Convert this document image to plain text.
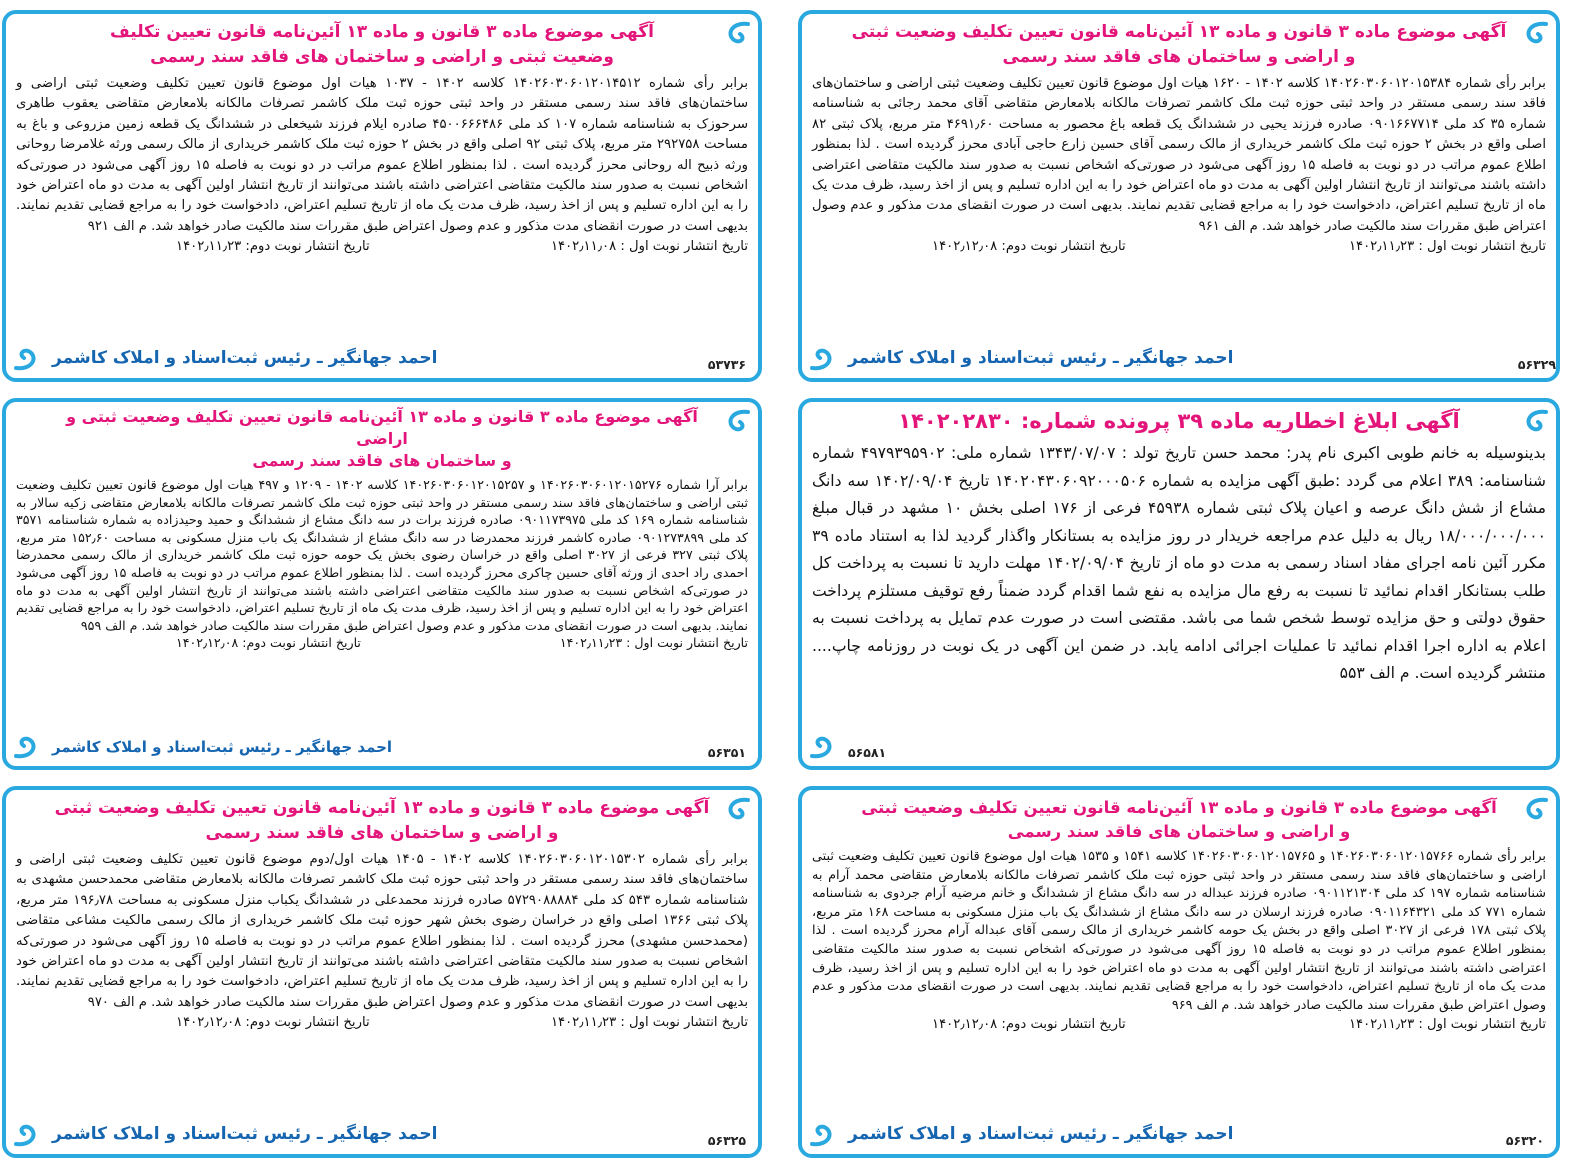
آگهی موضوع ماده ۳ قانون و ماده ۱۳ آئین‌نامه قانون تعیین تکلیف وضعیت ثبتی
و اراضی و ساختمان های فاقد سند رسمی
برابر رأی شماره ۱۴۰۲۶۰۳۰۶۰۱۲۰۱۵۳۸۴ کلاسه ۱۴۰۲ - ۱۶۲۰ هیات اول موضوع قانون تعیین تکلیف وضعیت ثبتی اراضی و ساختمان‌های فاقد سند رسمی مستقر در واحد ثبتی حوزه ثبت ملک کاشمر تصرفات مالکانه بلامعارض متقاضی آقای محمد رجائی به شناسنامه شماره ۳۵ کد ملی ۰۹۰۱۶۶۷۷۱۴ صادره فرزند یحیی در ششدانگ یک قطعه باغ محصور به مساحت ۴۶۹۱٫۶۰ متر مربع، پلاک ثبتی ۸۲ اصلی واقع در بخش ۲ حوزه ثبت ملک کاشمر خریداری از مالک رسمی آقای حسین زارع حاجی آبادی محرز گردیده است . لذا بمنظور اطلاع عموم مراتب در دو نوبت به فاصله ۱۵ روز آگهی می‌شود در صورتی‌که اشخاص نسبت به صدور سند مالکیت متقاضی اعتراضی داشته باشند می‌توانند از تاریخ انتشار اولین آگهی به مدت دو ماه اعتراض خود را به این اداره تسلیم و پس از اخذ رسید، ظرف مدت یک ماه از تاریخ تسلیم اعتراض، دادخواست خود را به مراجع قضایی تقدیم نمایند. بدیهی است در صورت انقضای مدت مذکور و عدم وصول اعتراض طبق مقررات سند مالکیت صادر خواهد شد. م الف ۹۶۱
تاریخ انتشار نوبت اول : ۱۴۰۲٫۱۱٫۲۳
تاریخ انتشار نوبت دوم: ۱۴۰۲٫۱۲٫۰۸
احمد جهانگیر ـ رئیس ثبت‌اسناد و املاک کاشمر	۵۶۳۲۹
آگهی موضوع ماده ۳ قانون و ماده ۱۳ آئین‌نامه قانون تعیین تکلیف
وضعیت ثبتی و اراضی و ساختمان های فاقد سند رسمی
برابر رأی شماره ۱۴۰۲۶۰۳۰۶۰۱۲۰۱۴۵۱۲ کلاسه ۱۴۰۲ - ۱۰۳۷ هیات اول موضوع قانون تعیین تکلیف وضعیت ثبتی اراضی و ساختمان‌های فاقد سند رسمی مستقر در واحد ثبتی حوزه ثبت ملک کاشمر تصرفات مالکانه بلامعارض متقاضی یعقوب طاهری سرحوزک به شناسنامه شماره ۱۰۷ کد ملی ۴۵۰۰۶۶۶۴۸۶ صادره ایلام فرزند شیخعلی در ششدانگ یک قطعه زمین مزروعی و باغ به مساحت ۲۹۲۷۵۸ متر مربع، پلاک ثبتی ۹۲ اصلی واقع در بخش ۲ حوزه ثبت ملک کاشمر خریداری از مالک رسمی ورثه غلامرضا روحانی ورثه ذبیح اله روحانی محرز گردیده است . لذا بمنظور اطلاع عموم مراتب در دو نوبت به فاصله ۱۵ روز آگهی می‌شود در صورتی‌که اشخاص نسبت به صدور سند مالکیت متقاضی اعتراضی داشته باشند می‌توانند از تاریخ انتشار اولین آگهی به مدت دو ماه اعتراض خود را به این اداره تسلیم و پس از اخذ رسید، ظرف مدت یک ماه از تاریخ تسلیم اعتراض، دادخواست خود را به مراجع قضایی تقدیم نمایند. بدیهی است در صورت انقضای مدت مذکور و عدم وصول اعتراض طبق مقررات سند مالکیت صادر خواهد شد. م الف ۹۲۱
تاریخ انتشار نوبت اول : ۱۴۰۲٫۱۱٫۰۸
تاریخ انتشار نوبت دوم: ۱۴۰۲٫۱۱٫۲۳
احمد جهانگیر ـ رئیس ثبت‌اسناد و املاک کاشمر	۵۳۷۳۶
آگهی ابلاغ اخطاریه ماده ۳۹ پرونده شماره: ۱۴۰۲۰۲۸۳۰
بدینوسیله به خانم طوبی اکبری نام پدر: محمد حسن تاریخ تولد : ۱۳۴۳/۰۷/۰۷ شماره ملی: ۴۹۷۹۳۹۵۹۰۲ شماره شناسنامه: ۳۸۹ اعلام می گردد :طبق آگهی مزایده به شماره ۱۴۰۲۰۴۳۰۶۰۹۲۰۰۰۵۰۶ تاریخ ۱۴۰۲/۰۹/۰۴ سه دانگ مشاع از شش دانگ عرصه و اعیان پلاک ثبتی شماره ۴۵۹۳۸ فرعی از ۱۷۶ اصلی بخش ۱۰ مشهد در قبال مبلغ ۱۸/۰۰۰/۰۰۰/۰۰۰ ریال به دلیل عدم مراجعه خریدار در روز مزایده به بستانکار واگذار گردید لذا به استناد ماده ۳۹ مکرر آئین نامه اجرای مفاد اسناد رسمی به مدت دو ماه از تاریخ ۱۴۰۲/۰۹/۰۴ مهلت دارید تا نسبت به پرداخت کل طلب بستانکار اقدام نمائید تا نسبت به رفع مال مزایده به نفع شما اقدام گردد ضمناً رفع توقیف مستلزم پرداخت حقوق دولتی و حق مزایده توسط شخص شما می باشد. مقتضی است در صورت عدم تمایل به پرداخت نسبت به اعلام به اداره اجرا اقدام نمائید تا عملیات اجرائی ادامه یابد. در ضمن این آگهی در یک نوبت در روزنامه چاپ.... منتشر گردیده است. م الف ۵۵۳
۵۶۵۸۱
آگهی موضوع ماده ۳ قانون و ماده ۱۳ آئین‌نامه قانون تعیین تکلیف وضعیت ثبتی و اراضی
و ساختمان های فاقد سند رسمی
برابر آرا شماره ۱۴۰۲۶۰۳۰۶۰۱۲۰۱۵۲۷۶ و ۱۴۰۲۶۰۳۰۶۰۱۲۰۱۵۲۵۷ کلاسه ۱۴۰۲ - ۱۲۰۹ و ۴۹۷ هیات اول موضوع قانون تعیین تکلیف وضعیت ثبتی اراضی و ساختمان‌های فاقد سند رسمی مستقر در واحد ثبتی حوزه ثبت ملک کاشمر تصرفات مالکانه بلامعارض متقاضی زکیه سالار به شناسنامه شماره ۱۶۹ کد ملی ۰۹۰۱۱۷۳۹۷۵ صادره فرزند برات در سه دانگ مشاع از ششدانگ و حمید وحیدزاده به شماره شناسنامه ۳۵۷۱ کد ملی ۰۹۰۱۲۷۳۸۹۹ صادره کاشمر فرزند محمدرضا در سه دانگ مشاع از ششدانگ یک باب منزل مسکونی به مساحت ۱۵۲٫۶۰ متر مربع، پلاک ثبتی ۳۲۷ فرعی از ۳۰۲۷ اصلی واقع در خراسان رضوی بخش یک حومه حوزه ثبت ملک کاشمر خریداری از مالک رسمی محمدرضا احمدی راد احدی از ورثه آقای حسین چاکری محرز گردیده است . لذا بمنظور اطلاع عموم مراتب در دو نوبت به فاصله ۱۵ روز آگهی می‌شود در صورتی‌که اشخاص نسبت به صدور سند مالکیت متقاضی اعتراضی داشته باشند می‌توانند از تاریخ انتشار اولین آگهی به مدت دو ماه اعتراض خود را به این اداره تسلیم و پس از اخذ رسید، ظرف مدت یک ماه از تاریخ تسلیم اعتراض، دادخواست خود را به مراجع قضایی تقدیم نمایند. بدیهی است در صورت انقضای مدت مذکور و عدم وصول اعتراض طبق مقررات سند مالکیت صادر خواهد شد. م الف ۹۵۹
تاریخ انتشار نوبت اول : ۱۴۰۲٫۱۱٫۲۳
تاریخ انتشار نوبت دوم: ۱۴۰۲٫۱۲٫۰۸
احمد جهانگیر ـ رئیس ثبت‌اسناد و املاک کاشمر	۵۶۳۵۱
آگهی موضوع ماده ۳ قانون و ماده ۱۳ آئین‌نامه قانون تعیین تکلیف وضعیت ثبتی
و اراضی و ساختمان های فاقد سند رسمی
برابر رأی شماره ۱۴۰۲۶۰۳۰۶۰۱۲۰۱۵۷۶۶ و ۱۴۰۲۶۰۳۰۶۰۱۲۰۱۵۷۶۵ کلاسه ۱۵۴۱ و ۱۵۳۵ هیات اول موضوع قانون تعیین تکلیف وضعیت ثبتی اراضی و ساختمان‌های فاقد سند رسمی مستقر در واحد ثبتی حوزه ثبت ملک کاشمر تصرفات مالکانه بلامعارض متقاضی محمد آرام به شناسنامه شماره ۱۹۷ کد ملی ۰۹۰۱۱۲۱۳۰۴ صادره فرزند عبداله در سه دانگ مشاع از ششدانگ و خانم مرضیه آرام جردوی به شناسنامه شماره ۷۷۱ کد ملی ۰۹۰۱۱۶۴۳۲۱ صادره فرزند ارسلان در سه دانگ مشاع از ششدانگ یک باب منزل مسکونی به مساحت ۱۶۸ متر مربع، پلاک ثبتی ۱۷۸ فرعی از ۳۰۲۷ اصلی واقع در بخش یک حومه کاشمر خریداری از مالک رسمی آقای عبداله آرام محرز گردیده است . لذا بمنظور اطلاع عموم مراتب در دو نوبت به فاصله ۱۵ روز آگهی می‌شود در صورتی‌که اشخاص نسبت به صدور سند مالکیت متقاضی اعتراضی داشته باشند می‌توانند از تاریخ انتشار اولین آگهی به مدت دو ماه اعتراض خود را به این اداره تسلیم و پس از اخذ رسید، ظرف مدت یک ماه از تاریخ تسلیم اعتراض، دادخواست خود را به مراجع قضایی تقدیم نمایند. بدیهی است در صورت انقضای مدت مذکور و عدم وصول اعتراض طبق مقررات سند مالکیت صادر خواهد شد. م الف ۹۶۹
تاریخ انتشار نوبت اول : ۱۴۰۲٫۱۱٫۲۳
تاریخ انتشار نوبت دوم: ۱۴۰۲٫۱۲٫۰۸
احمد جهانگیر ـ رئیس ثبت‌اسناد و املاک کاشمر	۵۶۳۲۰
آگهی موضوع ماده ۳ قانون و ماده ۱۳ آئین‌نامه قانون تعیین تکلیف وضعیت ثبتی
و اراضی و ساختمان های فاقد سند رسمی
برابر رأی شماره ۱۴۰۲۶۰۳۰۶۰۱۲۰۱۵۳۰۲ کلاسه ۱۴۰۲ - ۱۴۰۵ هیات اول/دوم موضوع قانون تعیین تکلیف وضعیت ثبتی اراضی و ساختمان‌های فاقد سند رسمی مستقر در واحد ثبتی حوزه ثبت ملک کاشمر تصرفات مالکانه بلامعارض متقاضی محمدحسن مشهدی به شناسنامه شماره ۵۴۳ کد ملی ۵۷۲۹۰۸۸۸۸۴ صادره فرزند محمدعلی در ششدانگ یکباب منزل مسکونی به مساحت ۱۹۶٫۷۸ متر مربع، پلاک ثبتی ۱۳۶۶ اصلی واقع در خراسان رضوی بخش شهر حوزه ثبت ملک کاشمر خریداری از مالک رسمی مالکیت مشاعی متقاضی (محمدحسن مشهدی) محرز گردیده است . لذا بمنظور اطلاع عموم مراتب در دو نوبت به فاصله ۱۵ روز آگهی می‌شود در صورتی‌که اشخاص نسبت به صدور سند مالکیت متقاضی اعتراضی داشته باشند می‌توانند از تاریخ انتشار اولین آگهی به مدت دو ماه اعتراض خود را به این اداره تسلیم و پس از اخذ رسید، ظرف مدت یک ماه از تاریخ تسلیم اعتراض، دادخواست خود را به مراجع قضایی تقدیم نمایند. بدیهی است در صورت انقضای مدت مذکور و عدم وصول اعتراض طبق مقررات سند مالکیت صادر خواهد شد. م الف ۹۷۰
تاریخ انتشار نوبت اول : ۱۴۰۲٫۱۱٫۲۳
تاریخ انتشار نوبت دوم: ۱۴۰۲٫۱۲٫۰۸
احمد جهانگیر ـ رئیس ثبت‌اسناد و املاک کاشمر	۵۶۳۲۵
